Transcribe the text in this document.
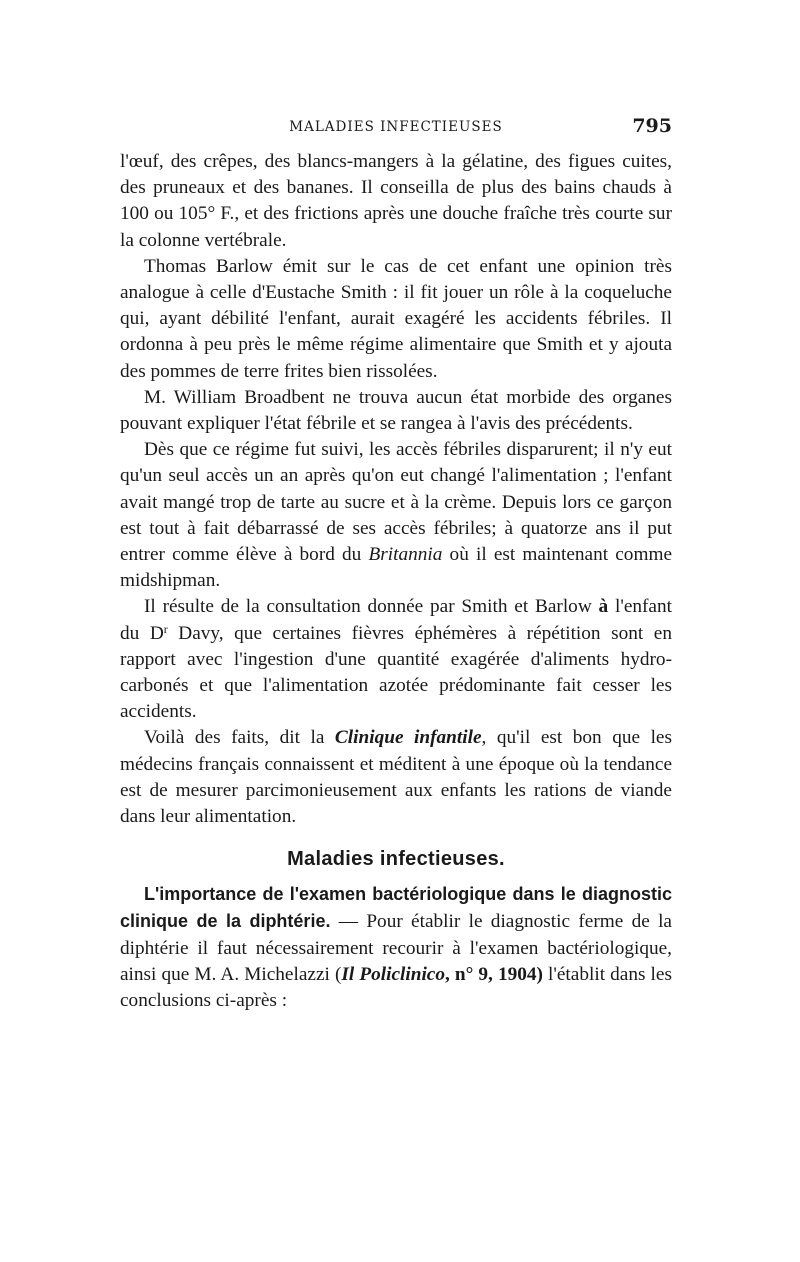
MALADIES INFECTIEUSES	795

l'œuf, des crêpes, des blancs-mangers à la gélatine, des figues cuites, des pruneaux et des bananes. Il conseilla de plus des bains chauds à 100 ou 105° F., et des frictions après une douche fraîche très courte sur la colonne vertébrale.

Thomas Barlow émit sur le cas de cet enfant une opinion très analogue à celle d'Eustache Smith : il fit jouer un rôle à la coqueluche qui, ayant débilité l'enfant, aurait exagéré les accidents fébriles. Il ordonna à peu près le même régime alimentaire que Smith et y ajouta des pommes de terre frites bien rissolées.

M. William Broadbent ne trouva aucun état morbide des organes pouvant expliquer l'état fébrile et se rangea à l'avis des précédents.

Dès que ce régime fut suivi, les accès fébriles disparurent; il n'y eut qu'un seul accès un an après qu'on eut changé l'alimentation ; l'enfant avait mangé trop de tarte au sucre et à la crème. Depuis lors ce garçon est tout à fait débarrassé de ses accès fébriles; à quatorze ans il put entrer comme élève à bord du Britannia où il est maintenant comme midshipman.

Il résulte de la consultation donnée par Smith et Barlow à l'enfant du $D^r$ Davy, que certaines fièvres éphémères à répétition sont en rapport avec l'ingestion d'une quantité exagérée d'aliments hydro-carbonés et que l'alimentation azotée prédominante fait cesser les accidents.

Voilà des faits, dit la Clinique infantile, qu'il est bon que les médecins français connaissent et méditent à une époque où la tendance est de mesurer parcimonieusement aux enfants les rations de viande dans leur alimentation.

Maladies infectieuses.

L'importance de l'examen bactériologique dans le diagnostic clinique de la diphtérie. — Pour établir le diagnostic ferme de la diphtérie il faut nécessairement recourir à l'examen bactériologique, ainsi que M. A. Michelazzi (Il Policlinico, n° 9, 1904) l'établit dans les conclusions ci-après :
